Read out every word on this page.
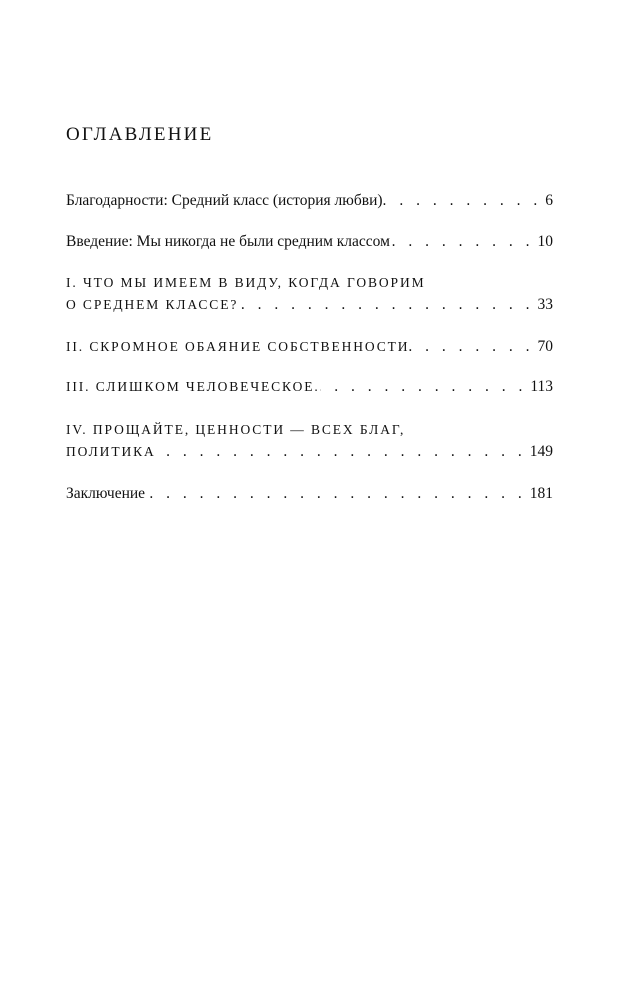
ОГЛАВЛЕНИЕ
Благодарности: Средний класс (история любви). . . .	6
Введение: Мы никогда не были средним классом . . .	10
I. ЧТО МЫ ИМЕЕМ В ВИДУ, КОГДА ГОВОРИМ
О СРЕДНЕМ КЛАССЕ? . . .	33
II. СКРОМНОЕ ОБАЯНИЕ СОБСТВЕННОСТИ . . .	70
III. СЛИШКОМ ЧЕЛОВЕЧЕСКОЕ. . . .	113
IV. ПРОЩАЙТЕ, ЦЕННОСТИ — ВСЕХ БЛАГ,
ПОЛИТИКА . . .	149
Заключение . . .	181
